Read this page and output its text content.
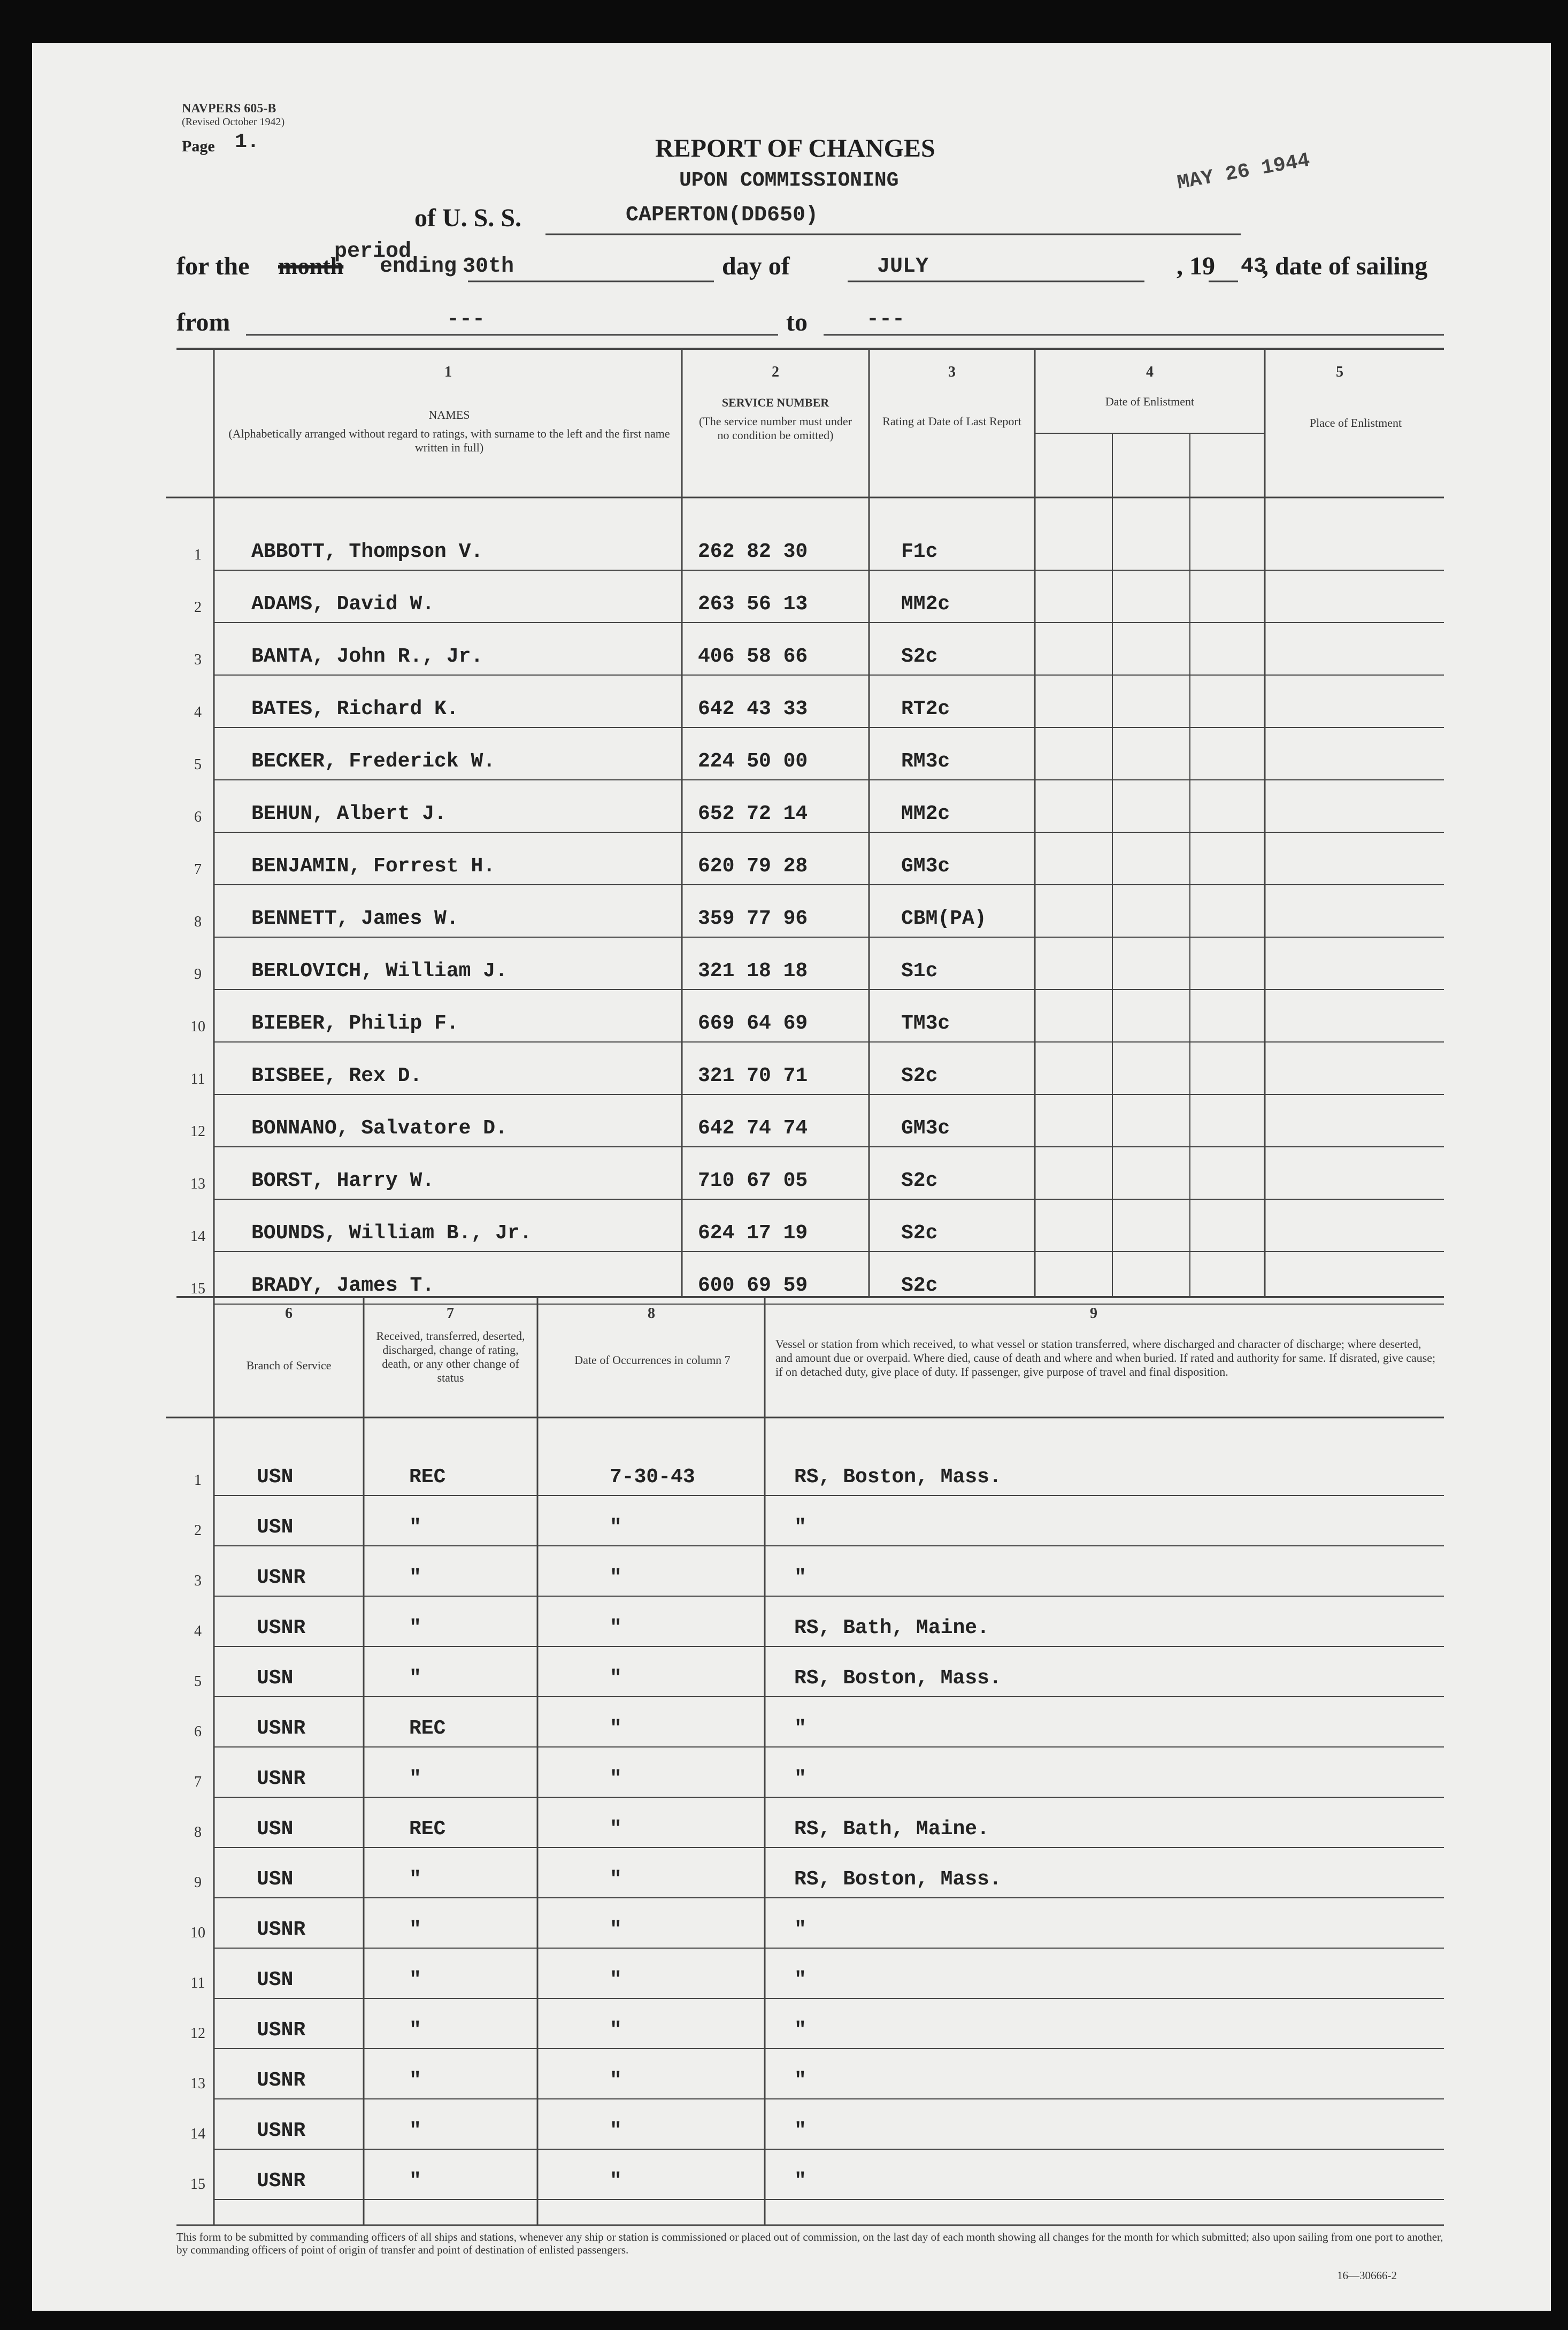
NAVPERS 605-B
(Revised October 1942)
Page 1.	REPORT OF CHANGES
UPON COMMISSIONING	MAY 26 1944
of U. S. S.	CAPERTON(DD650)
period
for the month ending 30th	day of	JULY	, 19 43
, date of sailing
from	---	to	---
1
NAMES
(Alphabetically arranged without regard to ratings, with surname to the left and the first name written in full)
2
SERVICE NUMBER
(The service number must under no condition be omitted)
3
Rating at Date of Last Report
4
Date of Enlistment
5
Place of Enlistment
1	ABBOTT, Thompson V.	262 82 30	F1c
2	ADAMS, David W.	263 56 13	MM2c
3	BANTA, John R., Jr.	406 58 66	S2c
4	BATES, Richard K.	642 43 33	RT2c
5	BECKER, Frederick W.	224 50 00	RM3c
6	BEHUN, Albert J.	652 72 14	MM2c
7	BENJAMIN, Forrest H.	620 79 28	GM3c
8	BENNETT, James W.	359 77 96	CBM(PA)
9	BERLOVICH, William J.	321 18 18	S1c
10 BIEBER, Philip F.	669 64 69	TM3c
11 BISBEE, Rex D.	321 70 71	S2c
12 BONNANO, Salvatore D.	642 74 74	GM3c
13 BORST, Harry W.	710 67 05	S2c
14 BOUNDS, William B., Jr.	624 17 19	S2c
15 BRADY, James T.	600 69 59	S2c
6
Branch of Service
7
Received, transferred, deserted, discharged, change of rating, death, or any other change of status
8
Date of Occurrences in column 7
9
Vessel or station from which received, to what vessel or station transferred, where discharged and character of discharge; where deserted, and amount due or overpaid. Where died, cause of death and where and when buried. If rated and authority for same. If disrated, give cause; if on detached duty, give place of duty. If passenger, give purpose of travel and final disposition.
1	USN	REC	7-30-43	RS, Boston, Mass.
2	USN	"	"	"
3	USNR	"	"	"
4	USNR	"	"	RS, Bath, Maine.
5	USN	"	"	RS, Boston, Mass.
6	USNR	REC	"	"
7	USNR	"	"	"
8	USN	REC	"	RS, Bath, Maine.
9	USN	"	"	RS, Boston, Mass.
10	USNR	"	"	"
11	USN	"	"	"
12	USNR	"	"	"
13	USNR	"	"	"
14	USNR	"	"	"
15	USNR	"	"	"
This form to be submitted by commanding officers of all ships and stations, whenever any ship or station is commissioned or placed out of commission, on the last day of each month showing all changes for the month for which submitted; also upon sailing from one port to another, by commanding officers of point of origin of transfer and point of destination of enlisted passengers.
16—30666-2
